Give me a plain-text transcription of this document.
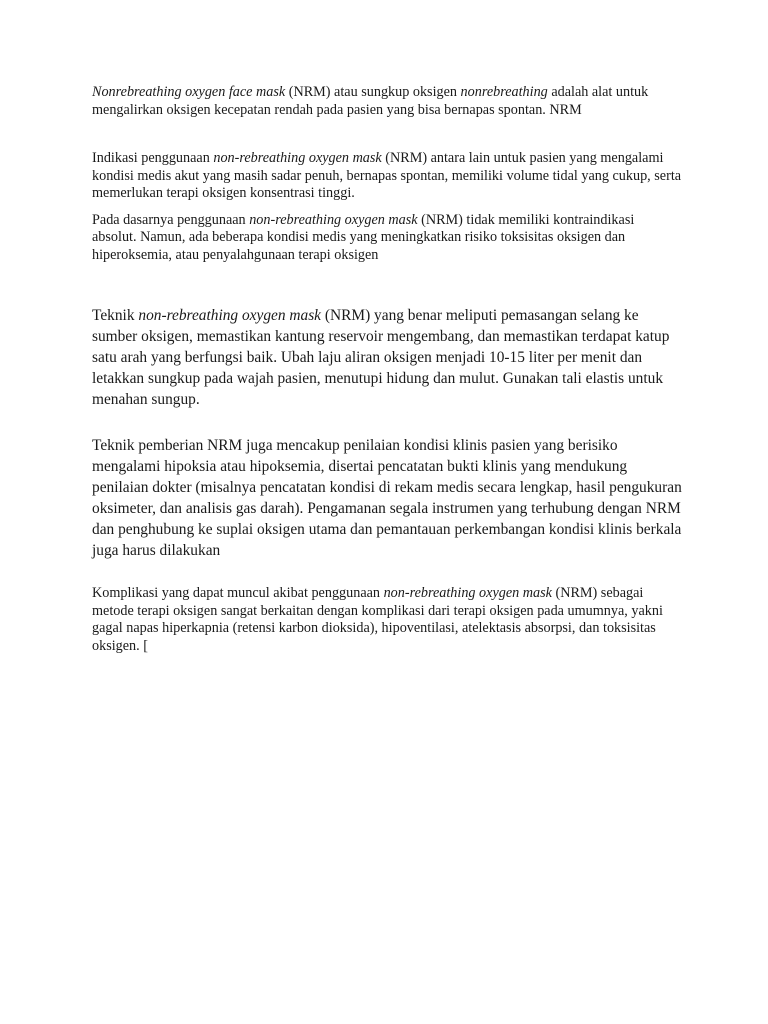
Nonrebreathing oxygen face mask (NRM) atau sungkup oksigen nonrebreathing adalah alat untuk mengalirkan oksigen kecepatan rendah pada pasien yang bisa bernapas spontan. NRM

Indikasi penggunaan non-rebreathing oxygen mask (NRM) antara lain untuk pasien yang mengalami kondisi medis akut yang masih sadar penuh, bernapas spontan, memiliki volume tidal yang cukup, serta memerlukan terapi oksigen konsentrasi tinggi.

Pada dasarnya penggunaan non-rebreathing oxygen mask (NRM) tidak memiliki kontraindikasi absolut. Namun, ada beberapa kondisi medis yang meningkatkan risiko toksisitas oksigen dan hiperoksemia, atau penyalahgunaan terapi oksigen

Teknik non-rebreathing oxygen mask (NRM) yang benar meliputi pemasangan selang ke sumber oksigen, memastikan kantung reservoir mengembang, dan memastikan terdapat katup satu arah yang berfungsi baik. Ubah laju aliran oksigen menjadi 10-15 liter per menit dan letakkan sungkup pada wajah pasien, menutupi hidung dan mulut. Gunakan tali elastis untuk menahan sungup.

Teknik pemberian NRM juga mencakup penilaian kondisi klinis pasien yang berisiko mengalami hipoksia atau hipoksemia, disertai pencatatan bukti klinis yang mendukung penilaian dokter (misalnya pencatatan kondisi di rekam medis secara lengkap, hasil pengukuran oksimeter, dan analisis gas darah). Pengamanan segala instrumen yang terhubung dengan NRM dan penghubung ke suplai oksigen utama dan pemantauan perkembangan kondisi klinis berkala juga harus dilakukan

Komplikasi yang dapat muncul akibat penggunaan non-rebreathing oxygen mask (NRM) sebagai metode terapi oksigen sangat berkaitan dengan komplikasi dari terapi oksigen pada umumnya, yakni gagal napas hiperkapnia (retensi karbon dioksida), hipoventilasi, atelektasis absorpsi, dan toksisitas oksigen. [
